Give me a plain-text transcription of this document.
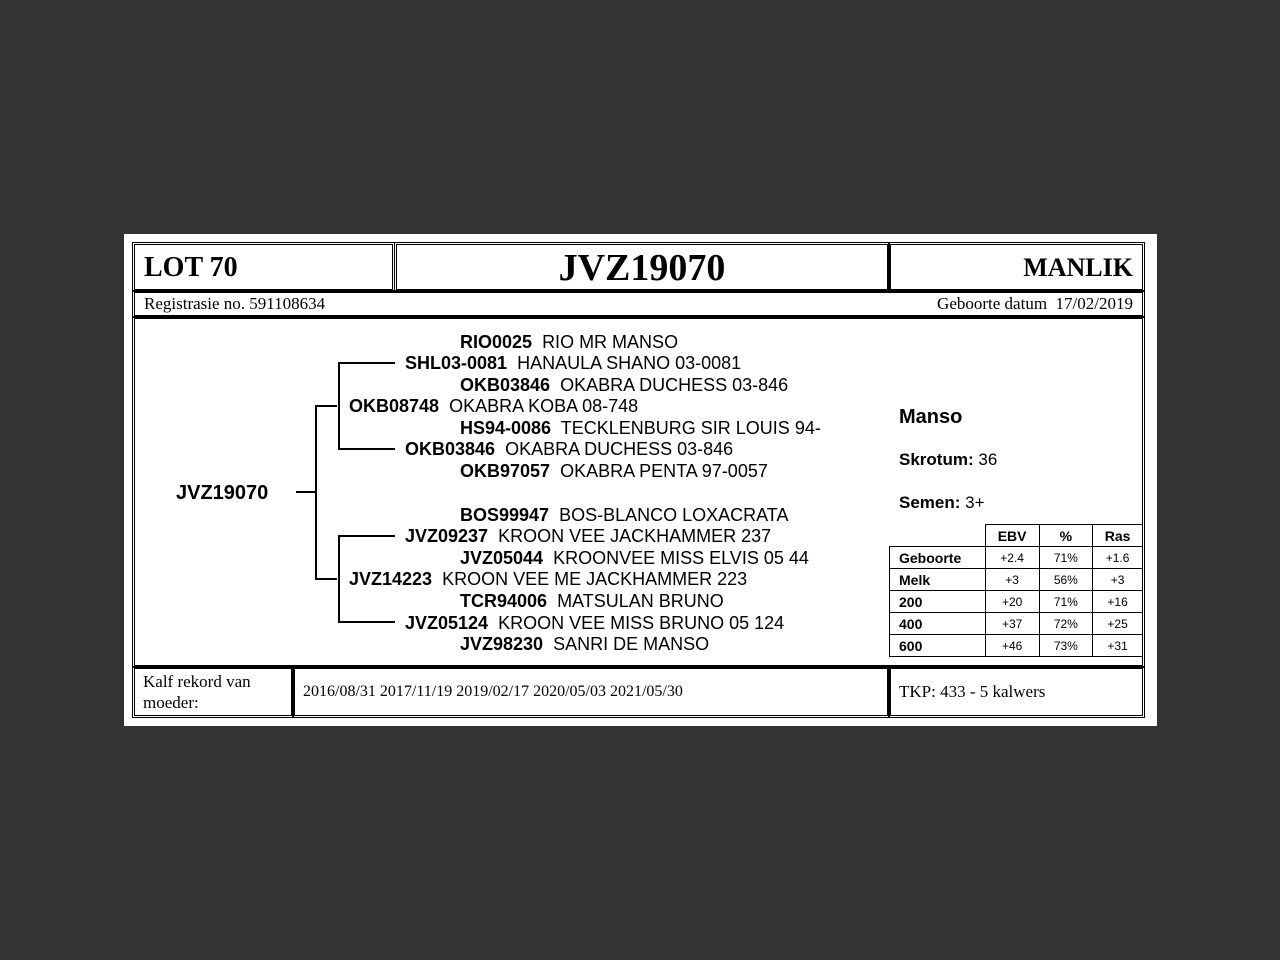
LOT 70	JVZ19070	MANLIK
Registrasie no. 591108634	Geboorte datum 17/02/2019
JVZ19070
RIO0025 RIO MR MANSO
SHL03-0081 HANAULA SHANO 03-0081
OKB03846 OKABRA DUCHESS 03-846
OKB08748 OKABRA KOBA 08-748
HS94-0086 TECKLENBURG SIR LOUIS 94-
OKB03846 OKABRA DUCHESS 03-846
OKB97057 OKABRA PENTA 97-0057
BOS99947 BOS-BLANCO LOXACRATA
JVZ09237 KROON VEE JACKHAMMER 237
JVZ05044 KROONVEE MISS ELVIS 05 44
JVZ14223 KROON VEE ME JACKHAMMER 223
TCR94006 MATSULAN BRUNO
JVZ05124 KROON VEE MISS BRUNO 05 124
JVZ98230 SANRI DE MANSO
Manso
Skrotum: 36
Semen: 3+
	EBV	%	Ras
Geboorte	+2.4	71%	+1.6
Melk	+3	56%	+3
200	+20	71%	+16
400	+37	72%	+25
600	+46	73%	+31
Kalf rekord van
moeder:
2016/08/31 2017/11/19 2019/02/17 2020/05/03 2021/05/30	TKP: 433 - 5 kalwers
